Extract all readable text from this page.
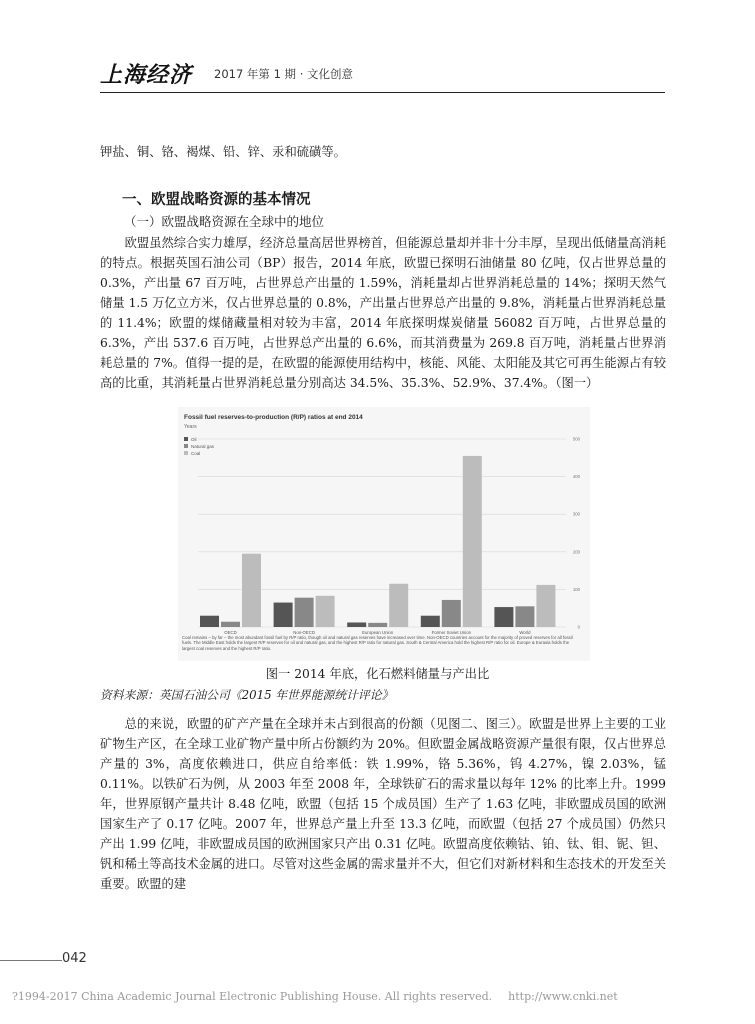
上海经济 2017 年第 1 期 · 文化创意

钾盐、铜、铬、褐煤、铅、锌、汞和硫磺等。

一、欧盟战略资源的基本情况
（一）欧盟战略资源在全球中的地位

欧盟虽然综合实力雄厚，经济总量高居世界榜首，但能源总量却并非十分丰厚，呈现出低储量高消耗的特点。根据英国石油公司（BP）报告，2014 年底，欧盟已探明石油储量 80 亿吨，仅占世界总量的 0.3%，产出量 67 百万吨，占世界总产出量的 1.59%，消耗量却占世界消耗总量的 14%；探明天然气储量 1.5 万亿立方米，仅占世界总量的 0.8%，产出量占世界总产出量的 9.8%，消耗量占世界消耗总量的 11.4%；欧盟的煤储藏量相对较为丰富，2014 年底探明煤炭储量 56082 百万吨，占世界总量的 6.3%，产出 537.6 百万吨，占世界总产出量的 6.6%，而其消费量为 269.8 百万吨，消耗量占世界消耗总量的 7%。值得一提的是，在欧盟的能源使用结构中，核能、风能、太阳能及其它可再生能源占有较高的比重，其消耗量占世界消耗总量分别高达 34.5%、35.3%、52.9%、37.4%。（图一）

Fossil fuel reserves-to-production (R/P) ratios at end 2014
Years
Oil
Natural gas
Coal
0
100
200
300
400
500
OECD	Non-OECD	European Union	Former Soviet Union	World
Coal remains – by far – the most abundant fossil fuel by R/P ratio, though oil and natural gas reserves have increased over time. Non-OECD countries account for the majority of proved reserves for all fossil fuels. The Middle East holds the largest R/P reserves for oil and natural gas, and the highest R/P ratio for natural gas. South & Central America hold the highest R/P ratio for oil. Europe & Eurasia holds the largest coal reserves and the highest R/P ratio.
图一 2014 年底，化石燃料储量与产出比
资料来源：英国石油公司《2015 年世界能源统计评论》

总的来说，欧盟的矿产产量在全球并未占到很高的份额（见图二、图三）。欧盟是世界上主要的工业矿物生产区，在全球工业矿物产量中所占份额约为 20%。但欧盟金属战略资源产量很有限，仅占世界总产量的 3%，高度依赖进口，供应自给率低：铁 1.99%，铬 5.36%，钨 4.27%，镍 2.03%，锰 0.11%。以铁矿石为例，从 2003 年至 2008 年，全球铁矿石的需求量以每年 12% 的比率上升。1999 年，世界原钢产量共计 8.48 亿吨，欧盟（包括 15 个成员国）生产了 1.63 亿吨，非欧盟成员国的欧洲国家生产了 0.17 亿吨。2007 年，世界总产量上升至 13.3 亿吨，而欧盟（包括 27 个成员国）仍然只产出 1.99 亿吨，非欧盟成员国的欧洲国家只产出 0.31 亿吨。欧盟高度依赖钴、铂、钛、钼、铌、钽、钒和稀土等高技术金属的进口。尽管对这些金属的需求量并不大，但它们对新材料和生态技术的开发至关重要。欧盟的建

042
?1994-2017 China Academic Journal Electronic Publishing House. All rights reserved. http://www.cnki.net
